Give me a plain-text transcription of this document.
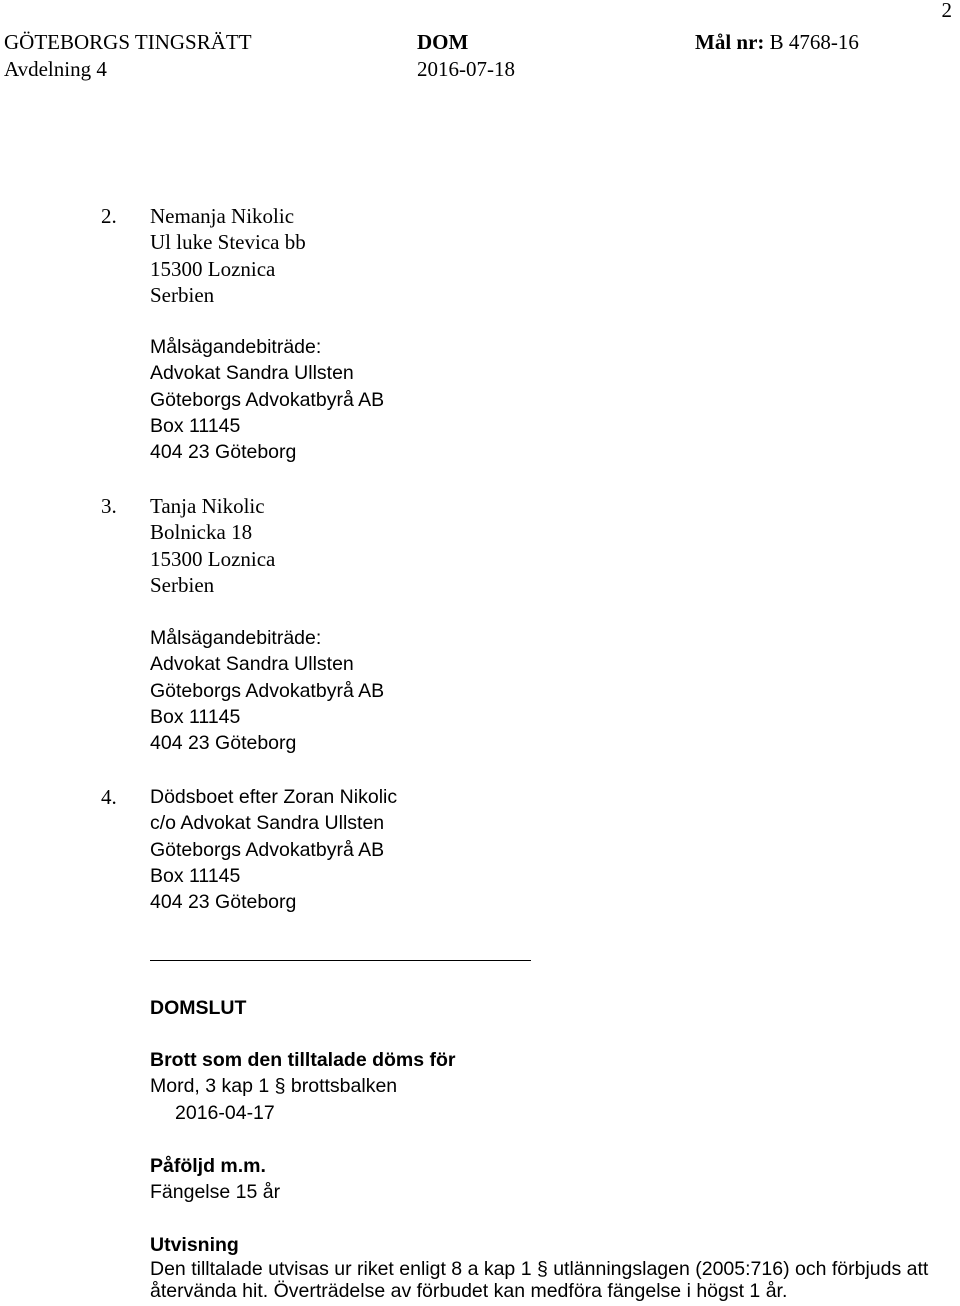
2
GÖTEBORGS TINGSRÄTT
Avdelning 4
DOM
2016-07-18
Mål nr: B 4768-16
2. Nemanja Nikolic
Ul luke Stevica bb
15300 Loznica
Serbien
Målsägandebiträde:
Advokat Sandra Ullsten
Göteborgs Advokatbyrå AB
Box 11145
404 23 Göteborg
3. Tanja Nikolic
Bolnicka 18
15300 Loznica
Serbien
Målsägandebiträde:
Advokat Sandra Ullsten
Göteborgs Advokatbyrå AB
Box 11145
404 23 Göteborg
4. Dödsboet efter Zoran Nikolic
c/o Advokat Sandra Ullsten
Göteborgs Advokatbyrå AB
Box 11145
404 23 Göteborg
DOMSLUT
Brott som den tilltalade döms för
Mord, 3 kap 1 § brottsbalken
2016-04-17
Påföljd m.m.
Fängelse 15 år
Utvisning
Den tilltalade utvisas ur riket enligt 8 a kap 1 § utlänningslagen (2005:716) och förbjuds att
återvända hit. Överträdelse av förbudet kan medföra fängelse i högst 1 år.
